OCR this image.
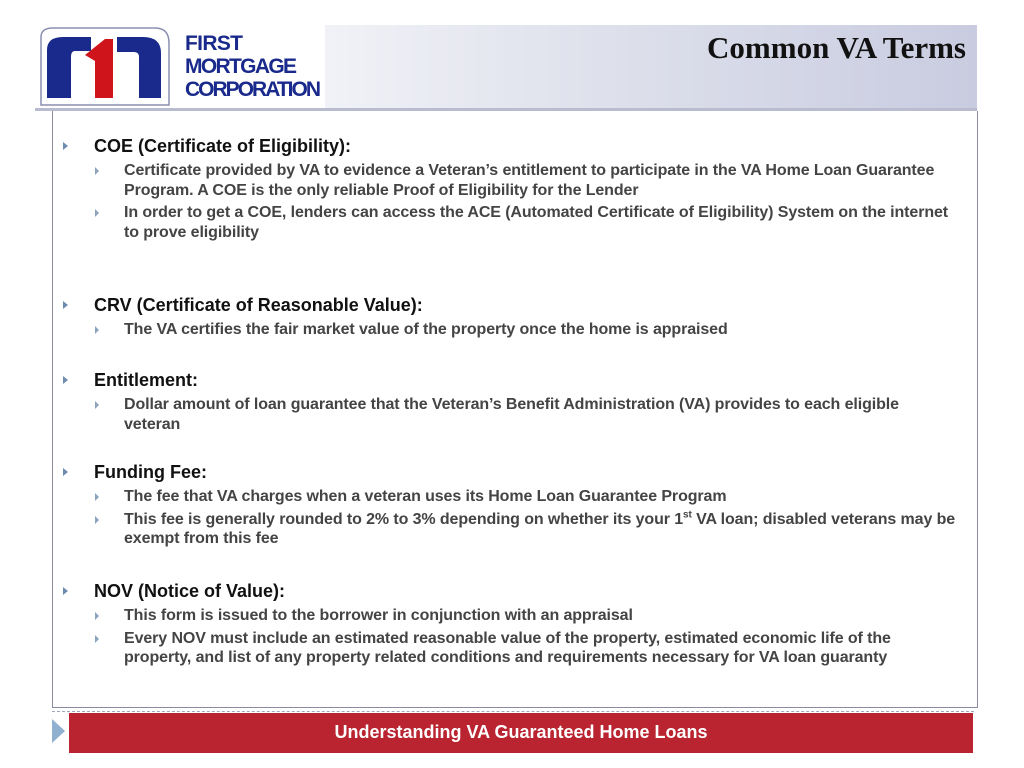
FIRST
MORTGAGE
CORPORATION
Common VA Terms
COE (Certificate of Eligibility):
Certificate provided by VA to evidence a Veteran’s entitlement to participate in the VA Home Loan Guarantee Program. A COE is the only reliable Proof of Eligibility for the Lender
In order to get a COE, lenders can access the ACE (Automated Certificate of Eligibility) System on the internet to prove eligibility
CRV (Certificate of Reasonable Value):
The VA certifies the fair market value of the property once the home is appraised
Entitlement:
Dollar amount of loan guarantee that the Veteran’s Benefit Administration (VA) provides to each eligible veteran
Funding Fee:
The fee that VA charges when a veteran uses its Home Loan Guarantee Program
This fee is generally rounded to 2% to 3% depending on whether its your 1st VA loan; disabled veterans may be exempt from this fee
NOV (Notice of Value):
This form is issued to the borrower in conjunction with an appraisal
Every NOV must include an estimated reasonable value of the property, estimated economic life of the property, and list of any property related conditions and requirements necessary for VA loan guaranty
Understanding VA Guaranteed Home Loans
